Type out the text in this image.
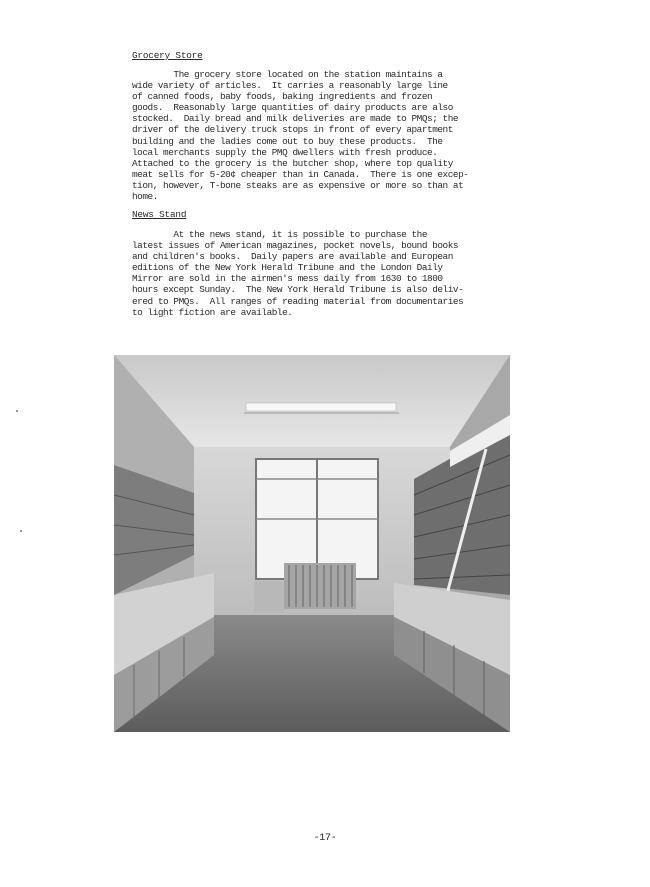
Grocery Store

The grocery store located on the station maintains a
wide variety of articles.  It carries a reasonably large line
of canned foods, baby foods, baking ingredients and frozen
goods.  Reasonably large quantities of dairy products are also
stocked.  Daily bread and milk deliveries are made to PMQs; the
driver of the delivery truck stops in front of every apartment
building and the ladies come out to buy these products.  The
local merchants supply the PMQ dwellers with fresh produce.
Attached to the grocery is the butcher shop, where top quality
meat sells for 5-20¢ cheaper than in Canada.  There is one excep-
tion, however, T-bone steaks are as expensive or more so than at
home.

News Stand

At the news stand, it is possible to purchase the
latest issues of American magazines, pocket novels, bound books
and children's books.  Daily papers are available and European
editions of the New York Herald Tribune and the London Daily
Mirror are sold in the airmen's mess daily from 1630 to 1800
hours except Sunday.  The New York Herald Tribune is also deliv-
ered to PMQs.  All ranges of reading material from documentaries
to light fiction are available.

-17-
